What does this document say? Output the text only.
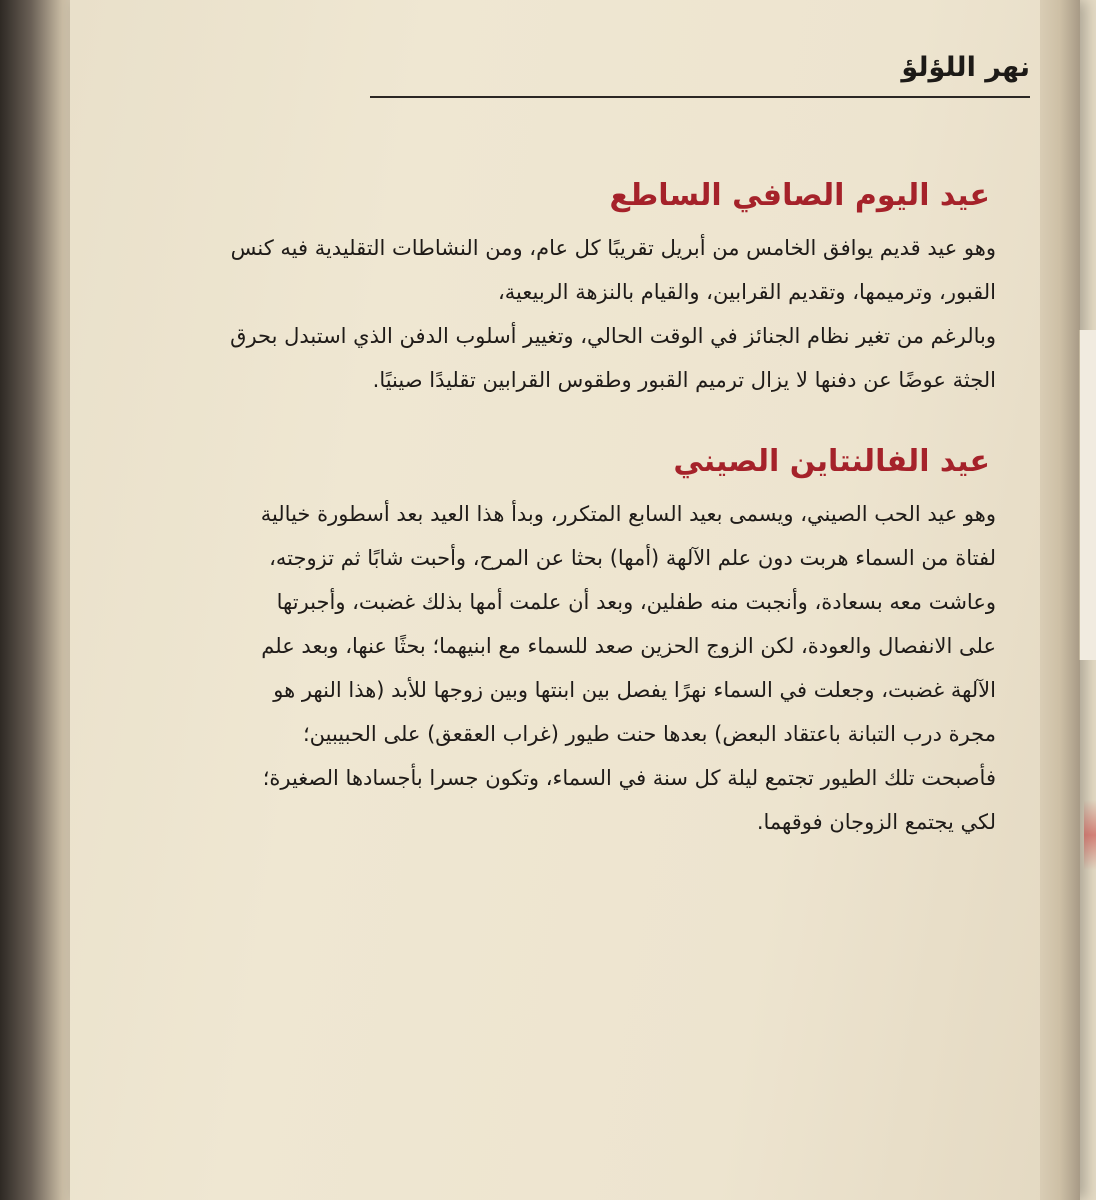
نهر اللؤلؤ
عيد اليوم الصافي الساطع
وهو عيد قديم يوافق الخامس من أبريل تقريبًا كل عام، ومن النشاطات التقليدية فيه كنس
القبور، وترميمها، وتقديم القرابين، والقيام بالنزهة الربيعية،
وبالرغم من تغير نظام الجنائز في الوقت الحالي، وتغيير أسلوب الدفن الذي استبدل بحرق
الجثة عوضًا عن دفنها لا يزال ترميم القبور وطقوس القرابين تقليدًا صينيًا.
عيد الفالنتاين الصيني
وهو عيد الحب الصيني، ويسمى بعيد السابع المتكرر، وبدأ هذا العيد بعد أسطورة خيالية
لفتاة من السماء هربت دون علم الآلهة (أمها) بحثا عن المرح، وأحبت شابًا ثم تزوجته،
وعاشت معه بسعادة، وأنجبت منه طفلين، وبعد أن علمت أمها بذلك غضبت، وأجبرتها
على الانفصال والعودة، لكن الزوج الحزين صعد للسماء مع ابنيهما؛ بحثًا عنها، وبعد علم
الآلهة غضبت، وجعلت في السماء نهرًا يفصل بين ابنتها وبين زوجها للأبد (هذا النهر هو
مجرة درب التبانة باعتقاد البعض) بعدها حنت طيور (غراب العقعق) على الحبيبين؛
فأصبحت تلك الطيور تجتمع ليلة كل سنة في السماء، وتكون جسرا بأجسادها الصغيرة؛
لكي يجتمع الزوجان فوقهما.
